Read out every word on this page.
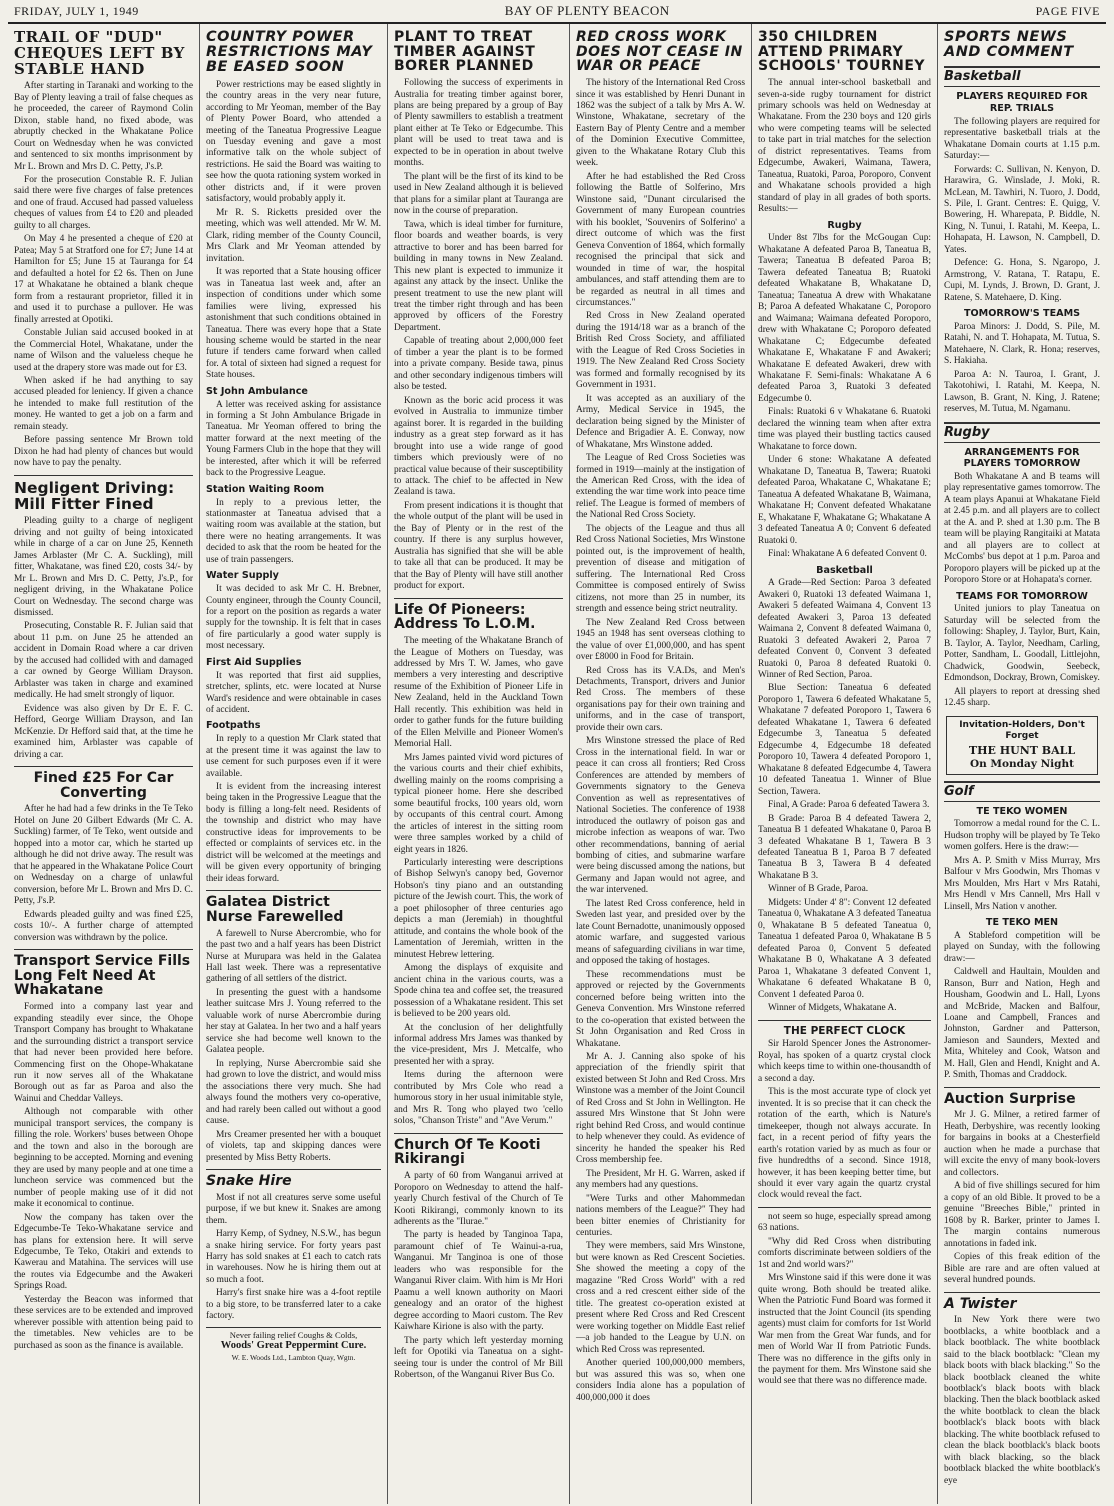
FRIDAY, JULY 1, 1949	BAY OF PLENTY BEACON	PAGE FIVE
TRAIL OF "DUD" CHEQUES LEFT BY STABLE HAND

After starting in Taranaki and working to the Bay of Plenty leaving a trail of false cheques as he proceeded, the career of Raymond Colin Dixon, stable hand, no fixed abode, was abruptly checked in the Whakatane Police Court on Wednesday when he was convicted and sentenced to six months imprisonment by Mr L. Brown and Mrs D. C. Petty, J's.P.

For the prosecution Constable R. F. Julian said there were five charges of false pretences and one of fraud. Accused had passed valueless cheques of values from £4 to £20 and pleaded guilty to all charges.

On May 4 he presented a cheque of £20 at Patea; May 5 at Stratford one for £7; June 14 at Hamilton for £5; June 15 at Tauranga for £4 and defaulted a hotel for £2 6s. Then on June 17 at Whakatane he obtained a blank cheque form from a restaurant proprietor, filled it in and used it to purchase a pullover. He was finally arrested at Opotiki.

Constable Julian said accused booked in at the Commercial Hotel, Whakatane, under the name of Wilson and the valueless cheque he used at the drapery store was made out for £3.

When asked if he had anything to say accused pleaded for leniency. If given a chance he intended to make full restitution of the money. He wanted to get a job on a farm and remain steady.

Before passing sentence Mr Brown told Dixon he had had plenty of chances but would now have to pay the penalty.

Negligent Driving: Mill Fitter Fined

Pleading guilty to a charge of negligent driving and not guilty of being intoxicated while in charge of a car on June 25, Kenneth James Arblaster (Mr C. A. Suckling), mill fitter, Whakatane, was fined £20, costs 34/- by Mr L. Brown and Mrs D. C. Petty, J's.P., for negligent driving, in the Whakatane Police Court on Wednesday. The second charge was dismissed.

Prosecuting, Constable R. F. Julian said that about 11 p.m. on June 25 he attended an accident in Domain Road where a car driven by the accused had collided with and damaged a car owned by George William Drayson. Arblaster was taken in charge and examined medically. He had smelt strongly of liquor.

Evidence was also given by Dr E. F. C. Hefford, George William Drayson, and Ian McKenzie. Dr Hefford said that, at the time he examined him, Arblaster was capable of driving a car.

Fined £25 For Car Converting

After he had had a few drinks in the Te Teko Hotel on June 20 Gilbert Edwards (Mr C. A. Suckling) farmer, of Te Teko, went outside and hopped into a motor car, which he started up although he did not drive away. The result was that he appeared in the Whakatane Police Court on Wednesday on a charge of unlawful conversion, before Mr L. Brown and Mrs D. C. Petty, J's.P.

Edwards pleaded guilty and was fined £25, costs 10/-. A further charge of attempted conversion was withdrawn by the police.

Transport Service Fills Long Felt Need At Whakatane

Formed into a company last year and expanding steadily ever since, the Ohope Transport Company has brought to Whakatane and the surrounding district a transport service that had never been provided here before. Commencing first on the Ohope-Whakatane run it now serves all of the Whakatane Borough out as far as Paroa and also the Wainui and Cheddar Valleys.

Although not comparable with other municipal transport services, the company is filling the role. Workers' buses between Ohope and the town and also in the borough are beginning to be accepted. Morning and evening they are used by many people and at one time a luncheon service was commenced but the number of people making use of it did not make it economical to continue.

Now the company has taken over the Edgecumbe-Te Teko-Whakatane service and has plans for extension here. It will serve Edgecumbe, Te Teko, Otakiri and extends to Kawerau and Matahina. The services will use the routes via Edgecumbe and the Awakeri Springs Road.

Yesterday the Beacon was informed that these services are to be extended and improved wherever possible with attention being paid to the timetables. New vehicles are to be purchased as soon as the finance is available.

COUNTRY POWER RESTRICTIONS MAY BE EASED SOON

Power restrictions may be eased slightly in the country areas in the very near future, according to Mr Yeoman, member of the Bay of Plenty Power Board, who attended a meeting of the Taneatua Progressive League on Tuesday evening and gave a most informative talk on the whole subject of restrictions. He said the Board was waiting to see how the quota rationing system worked in other districts and, if it were proven satisfactory, would probably apply it.

Mr R. S. Ricketts presided over the meeting, which was well attended. Mr W. M. Clark, riding member of the County Council, Mrs Clark and Mr Yeoman attended by invitation.

It was reported that a State housing officer was in Taneatua last week and, after an inspection of conditions under which some families were living, expressed his astonishment that such conditions obtained in Taneatua. There was every hope that a State housing scheme would be started in the near future if tenders came forward when called for. A total of sixteen had signed a request for State houses.

St John Ambulance

A letter was received asking for assistance in forming a St John Ambulance Brigade in Taneatua. Mr Yeoman offered to bring the matter forward at the next meeting of the Young Farmers Club in the hope that they will be interested, after which it will be referred back to the Progressive League.

Station Waiting Room

In reply to a previous letter, the stationmaster at Taneatua advised that a waiting room was available at the station, but there were no heating arrangements. It was decided to ask that the room be heated for the use of train passengers.

Water Supply

It was decided to ask Mr C. H. Brebner, County engineer, through the County Council, for a report on the position as regards a water supply for the township. It is felt that in cases of fire particularly a good water supply is most necessary.

First Aid Supplies

It was reported that first aid supplies, stretcher, splints, etc. were located at Nurse Ward's residence and were obtainable in cases of accident.

Footpaths

In reply to a question Mr Clark stated that at the present time it was against the law to use cement for such purposes even if it were available.

It is evident from the increasing interest being taken in the Progressive League that the body is filling a long-felt need. Residents of the township and district who may have constructive ideas for improvements to be effected or complaints of services etc. in the district will be welcomed at the meetings and will be given every opportunity of bringing their ideas forward.

Galatea District Nurse Farewelled

A farewell to Nurse Abercrombie, who for the past two and a half years has been District Nurse at Murupara was held in the Galatea Hall last week. There was a representative gathering of all settlers of the district.

In presenting the guest with a handsome leather suitcase Mrs J. Young referred to the valuable work of nurse Abercrombie during her stay at Galatea. In her two and a half years service she had become well known to the Galatea people.

In replying, Nurse Abercrombie said she had grown to love the district, and would miss the associations there very much. She had always found the mothers very co-operative, and had rarely been called out without a good cause.

Mrs Creamer presented her with a bouquet of violets, tap and skipping dances were presented by Miss Betty Roberts.

Snake Hire

Most if not all creatures serve some useful purpose, if we but knew it. Snakes are among them.

Harry Kemp, of Sydney, N.S.W., has begun a snake hiring service. For forty years past Harry has sold snakes at £1 each to catch rats in warehouses. Now he is hiring them out at so much a foot.

Harry's first snake hire was a 4-foot reptile to a big store, to be transferred later to a cake factory.

Never failing relief Coughs & Colds,
Woods' Great Peppermint Cure.
W. E. Woods Ltd., Lambton Quay, Wgtn.
PLANT TO TREAT TIMBER AGAINST BORER PLANNED

Following the success of experiments in Australia for treating timber against borer, plans are being prepared by a group of Bay of Plenty sawmillers to establish a treatment plant either at Te Teko or Edgecumbe. This plant will be used to treat tawa and is expected to be in operation in about twelve months.

The plant will be the first of its kind to be used in New Zealand although it is believed that plans for a similar plant at Tauranga are now in the course of preparation.

Tawa, which is ideal timber for furniture, floor boards and weather boards, is very attractive to borer and has been barred for building in many towns in New Zealand. This new plant is expected to immunize it against any attack by the insect. Unlike the present treatment to use the new plant will treat the timber right through and has been approved by officers of the Forestry Department.

Capable of treating about 2,000,000 feet of timber a year the plant is to be formed into a private company. Beside tawa, pinus and other secondary indigenous timbers will also be tested.

Known as the boric acid process it was evolved in Australia to immunize timber against borer. It is regarded in the building industry as a great step forward as it has brought into use a wide range of good timbers which previously were of no practical value because of their susceptibility to attack. The chief to be affected in New Zealand is tawa.

From present indications it is thought that the whole output of the plant will be used in the Bay of Plenty or in the rest of the country. If there is any surplus however, Australia has signified that she will be able to take all that can be produced. It may be that the Bay of Plenty will have still another product for export.

Life Of Pioneers: Address To L.O.M.

The meeting of the Whakatane Branch of the League of Mothers on Tuesday, was addressed by Mrs T. W. James, who gave members a very interesting and descriptive resume of the Exhibition of Pioneer Life in New Zealand, held in the Auckland Town Hall recently. This exhibition was held in order to gather funds for the future building of the Ellen Melville and Pioneer Women's Memorial Hall.

Mrs James painted vivid word pictures of the various courts and their chief exhibits, dwelling mainly on the rooms comprising a typical pioneer home. Here she described some beautiful frocks, 100 years old, worn by occupants of this central court. Among the articles of interest in the sitting room were three samples worked by a child of eight years in 1826.

Particularly interesting were descriptions of Bishop Selwyn's canopy bed, Governor Hobson's tiny piano and an outstanding picture of the Jewish court. This, the work of a poet philosopher of three centuries ago depicts a man (Jeremiah) in thoughtful attitude, and contains the whole book of the Lamentation of Jeremiah, written in the minutest Hebrew lettering.

Among the displays of exquisite and ancient china in the various courts, was a Spode china tea and coffee set, the treasured possession of a Whakatane resident. This set is believed to be 200 years old.

At the conclusion of her delightfully informal address Mrs James was thanked by the vice-president, Mrs J. Metcalfe, who presented her with a spray.

Items during the afternoon were contributed by Mrs Cole who read a humorous story in her usual inimitable style, and Mrs R. Tong who played two 'cello solos, "Chanson Triste" and "Ave Verum."

Church Of Te Kooti Rikirangi

A party of 60 from Wanganui arrived at Poroporo on Wednesday to attend the half-yearly Church festival of the Church of Te Kooti Rikirangi, commonly known to its adherents as the "Ilurae."

The party is headed by Tanginoa Tapa, paramount chief of Te Wainui-a-rua, Wanganui. Mr Tanginoa is one of those leaders who was responsible for the Wanganui River claim. With him is Mr Hori Paamu a well known authority on Maori genealogy and an orator of the highest degree according to Maori custom. The Rev Kaiwhare Kirione is also with the party.

The party which left yesterday morning left for Opotiki via Taneatua on a sight-seeing tour is under the control of Mr Bill Robertson, of the Wanganui River Bus Co.

RED CROSS WORK DOES NOT CEASE IN WAR OR PEACE

The history of the International Red Cross since it was established by Henri Dunant in 1862 was the subject of a talk by Mrs A. W. Winstone, Whakatane, secretary of the Eastern Bay of Plenty Centre and a member of the Dominion Executive Committee, given to the Whakatane Rotary Club this week.

After he had established the Red Cross following the Battle of Solferino, Mrs Winstone said, "Dunant circularised the Government of many European countries with his booklet, 'Souvenirs of Solferino' a direct outcome of which was the first Geneva Convention of 1864, which formally recognised the principal that sick and wounded in time of war, the hospital ambulances, and staff attending them are to be regarded as neutral in all times and circumstances."

Red Cross in New Zealand operated during the 1914/18 war as a branch of the British Red Cross Society, and affiliated with the League of Red Cross Societies in 1919. The New Zealand Red Cross Society was formed and formally recognised by its Government in 1931.

It was accepted as an auxiliary of the Army, Medical Service in 1945, the declaration being signed by the Minister of Defence and Brigadier A. E. Conway, now of Whakatane, Mrs Winstone added.

The League of Red Cross Societies was formed in 1919—mainly at the instigation of the American Red Cross, with the idea of extending the war time work into peace time relief. The League is formed of members of the National Red Cross Society.

The objects of the League and thus all Red Cross National Societies, Mrs Winstone pointed out, is the improvement of health, prevention of disease and mitigation of suffering. The International Red Cross Committee is composed entirely of Swiss citizens, not more than 25 in number, its strength and essence being strict neutrality.

The New Zealand Red Cross between 1945 an 1948 has sent overseas clothing to the value of over £1,000,000, and has spent over £8000 in Food for Britain.

Red Cross has its V.A.Ds, and Men's Detachments, Transport, drivers and Junior Red Cross. The members of these organisations pay for their own training and uniforms, and in the case of transport, provide their own cars.

Mrs Winstone stressed the place of Red Cross in the international field. In war or peace it can cross all frontiers; Red Cross Conferences are attended by members of Governments signatory to the Geneva Convention as well as representatives of National Societies. The conference of 1938 introduced the outlawry of poison gas and microbe infection as weapons of war. Two other recommendations, banning of aerial bombing of cities, and submarine warfare were being discussed among the nations, but Germany and Japan would not agree, and the war intervened.

The latest Red Cross conference, held in Sweden last year, and presided over by the late Count Bernadotte, unanimously opposed atomic warfare, and suggested various means of safeguarding civilians in war time, and opposed the taking of hostages.

These recommendations must be approved or rejected by the Governments concerned before being written into the Geneva Convention. Mrs Winstone referred to the co-operation that existed between the St John Organisation and Red Cross in Whakatane.

Mr A. J. Canning also spoke of his appreciation of the friendly spirit that existed between St John and Red Cross. Mrs Winstone was a member of the Joint Council of Red Cross and St John in Wellington. He assured Mrs Winstone that St John were right behind Red Cross, and would continue to help whenever they could. As evidence of sincerity he handed the speaker his Red Cross membership fee.

The President, Mr H. G. Warren, asked if any members had any questions.

"Were Turks and other Mahommedan nations members of the League?" They had been bitter enemies of Christianity for centuries.

They were members, said Mrs Winstone, but were known as Red Crescent Societies. She showed the meeting a copy of the magazine "Red Cross World" with a red cross and a red crescent either side of the title. The greatest co-operation existed at present where Red Cross and Red Crescent were working together on Middle East relief—a job handed to the League by U.N. on which Red Cross was represented.

Another queried 100,000,000 members, but was assured this was so, when one considers India alone has a population of 400,000,000 it does

350 CHILDREN ATTEND PRIMARY SCHOOLS' TOURNEY

The annual inter-school basketball and seven-a-side rugby tournament for district primary schools was held on Wednesday at Whakatane. From the 230 boys and 120 girls who were competing teams will be selected to take part in trial matches for the selection of district representatives. Teams from Edgecumbe, Awakeri, Waimana, Tawera, Taneatua, Ruatoki, Paroa, Poroporo, Convent and Whakatane schools provided a high standard of play in all grades of both sports. Results:—

Rugby

Under 8st 7lbs for the McGougan Cup: Whakatane A defeated Paroa B, Taneatua B, Tawera; Taneatua B defeated Paroa B; Tawera defeated Taneatua B; Ruatoki defeated Whakatane B, Whakatane D, Taneatua; Taneatua A drew with Whakatane B; Paroa A defeated Whakatane C, Poroporo and Waimana; Waimana defeated Poroporo, drew with Whakatane C; Poroporo defeated Whakatane C; Edgecumbe defeated Whakatane E, Whakatane F and Awakeri; Whakatane E defeated Awakeri, drew with Whakatane F. Semi-finals: Whakatane A 6 defeated Paroa 3, Ruatoki 3 defeated Edgecumbe 0.

Finals: Ruatoki 6 v Whakatane 6. Ruatoki declared the winning team when after extra time was played their bustling tactics caused Whakatane to force down.

Under 6 stone: Whakatane A defeated Whakatane D, Taneatua B, Tawera; Ruatoki defeated Paroa, Whakatane C, Whakatane E; Taneatua A defeated Whakatane B, Waimana, Whakatane H; Convent defeated Whakatane E, Whakatane F, Whakatane G; Whakatane A 3 defeated Taneatua A 0; Convent 6 defeated Ruatoki 0.

Final: Whakatane A 6 defeated Convent 0.

Basketball

A Grade—Red Section: Paroa 3 defeated Awakeri 0, Ruatoki 13 defeated Waimana 1, Awakeri 5 defeated Waimana 4, Convent 13 defeated Awakeri 3, Paroa 13 defeated Waimana 2, Convent 8 defeated Waimana 0, Ruatoki 3 defeated Awakeri 2, Paroa 7 defeated Convent 0, Convent 3 defeated Ruatoki 0, Paroa 8 defeated Ruatoki 0. Winner of Red Section, Paroa.

Blue Section: Taneatua 6 defeated Poroporo 1, Tawera 6 defeated Whakatane 5, Whakatane 7 defeated Poroporo 1, Tawera 6 defeated Whakatane 1, Tawera 6 defeated Edgecumbe 3, Taneatua 5 defeated Edgecumbe 4, Edgecumbe 18 defeated Poroporo 10, Tawera 4 defeated Poroporo 1, Whakatane 8 defeated Edgecumbe 4, Tawera 10 defeated Taneatua 1. Winner of Blue Section, Tawera.

Final, A Grade: Paroa 6 defeated Tawera 3.

B Grade: Paroa B 4 defeated Tawera 2, Taneatua B 1 defeated Whakatane 0, Paroa B 3 defeated Whakatane B 1, Tawera B 3 defeated Taneatua B 1, Paroa B 7 defeated Taneatua B 3, Tawera B 4 defeated Whakatane B 3.

Winner of B Grade, Paroa.

Midgets: Under 4' 8": Convent 12 defeated Taneatua 0, Whakatane A 3 defeated Taneatua 0, Whakatane B 5 defeated Taneatua 0, Taneatua 1 defeated Paroa 0, Whakatane B 5 defeated Paroa 0, Convent 5 defeated Whakatane B 0, Whakatane A 3 defeated Paroa 1, Whakatane 3 defeated Convent 1, Whakatane 6 defeated Whakatane B 0, Convent 1 defeated Paroa 0.

Winner of Midgets, Whakatane A.

THE PERFECT CLOCK

Sir Harold Spencer Jones the Astronomer-Royal, has spoken of a quartz crystal clock which keeps time to within one-thousandth of a second a day.

This is the most accurate type of clock yet invented. It is so precise that it can check the rotation of the earth, which is Nature's timekeeper, though not always accurate. In fact, in a recent period of fifty years the earth's rotation varied by as much as four or five hundredths of a second. Since 1918, however, it has been keeping better time, but should it ever vary again the quartz crystal clock would reveal the fact.

not seem so huge, especially spread among 63 nations.

"Why did Red Cross when distributing comforts discriminate between soldiers of the 1st and 2nd world wars?"

Mrs Winstone said if this were done it was quite wrong. Both should be treated alike. When the Patriotic Fund Board was formed it instructed that the Joint Council (its spending agents) must claim for comforts for 1st World War men from the Great War funds, and for men of World War II from Patriotic Funds. There was no difference in the gifts only in the payment for them. Mrs Winstone said she would see that there was no difference made.

SPORTS NEWS AND COMMENT
Basketball
PLAYERS REQUIRED FOR REP. TRIALS

The following players are required for representative basketball trials at the Whakatane Domain courts at 1.15 p.m. Saturday:—

Forwards: C. Sullivan, N. Kenyon, D. Harawira, G. Winslade, J. Moki, R. McLean, M. Tawhiri, N. Tuoro, J. Dodd, S. Pile, I. Grant. Centres: E. Quigg, V. Bowering, H. Wharepata, P. Biddle, N. King, N. Tunui, I. Ratahi, M. Keepa, L. Hohapata, H. Lawson, N. Campbell, D. Yates.

Defence: G. Hona, S. Ngaropo, J. Armstrong, V. Ratana, T. Ratapu, E. Cupi, M. Lynds, J. Brown, D. Grant, J. Ratene, S. Matehaere, D. King.

TOMORROW'S TEAMS

Paroa Minors: J. Dodd, S. Pile, M. Ratahi, N. and T. Hohapata, M. Tutua, S. Matehaere, N. Clark, R. Hona; reserves, S. Hakiaha.

Paroa A: N. Tauroa, I. Grant, J. Takotohiwi, I. Ratahi, M. Keepa, N. Lawson, B. Grant, N. King, J. Ratene; reserves, M. Tutua, M. Ngamanu.

Rugby
ARRANGEMENTS FOR PLAYERS TOMORROW

Both Whakatane A and B teams will play representative games tomorrow. The A team plays Apanui at Whakatane Field at 2.45 p.m. and all players are to collect at the A. and P. shed at 1.30 p.m. The B team will be playing Rangitaiki at Matata and all players are to collect at McCombs' bus depot at 1 p.m. Paroa and Poroporo players will be picked up at the Poroporo Store or at Hohapata's corner.

TEAMS FOR TOMORROW

United juniors to play Taneatua on Saturday will be selected from the following: Shapley, J. Taylor, Burt, Kain, B. Taylor, A. Taylor, Needham, Carling, Potter, Sandham, L. Goodall, Littlejohn, Chadwick, Goodwin, Seebeck, Edmondson, Dockray, Brown, Comiskey.

All players to report at dressing shed 12.45 sharp.

Invitation-Holders, Don't Forget
THE HUNT BALL
On Monday Night
Golf
TE TEKO WOMEN

Tomorrow a medal round for the C. L. Hudson trophy will be played by Te Teko women golfers. Here is the draw:—

Mrs A. P. Smith v Miss Murray, Mrs Balfour v Mrs Goodwin, Mrs Thomas v Mrs Moulden, Mrs Hart v Mrs Ratahi, Mrs Hendl v Mrs Cannell, Mrs Hall v Linsell, Mrs Nation v another.

TE TEKO MEN

A Stableford competition will be played on Sunday, with the following draw:—

Caldwell and Haultain, Moulden and Ranson, Burr and Nation, Hegh and Housham, Goodwin and L. Hall, Lyons and McBride, Macken and Balfour, Loane and Campbell, Frances and Johnston, Gardner and Patterson, Jamieson and Saunders, Mexted and Mita, Whiteley and Cook, Watson and M. Hall, Glen and Hendl, Knight and A. P. Smith, Thomas and Craddock.

Auction Surprise

Mr J. G. Milner, a retired farmer of Heath, Derbyshire, was recently looking for bargains in books at a Chesterfield auction when he made a purchase that will excite the envy of many book-lovers and collectors.

A bid of five shillings secured for him a copy of an old Bible. It proved to be a genuine "Breeches Bible," printed in 1608 by R. Barker, printer to James I. The margin contains numerous annotations in faded ink.

Copies of this freak edition of the Bible are rare and are often valued at several hundred pounds.

A Twister

In New York there were two bootblacks, a white bootblack and a black bootblack. The white bootblack said to the black bootblack: "Clean my black boots with black blacking." So the black bootblack cleaned the white bootblack's black boots with black blacking. Then the black bootblack asked the white bootblack to clean the black bootblack's black boots with black blacking. The white bootblack refused to clean the black bootblack's black boots with black blacking, so the black bootblack blacked the white bootblack's eye
